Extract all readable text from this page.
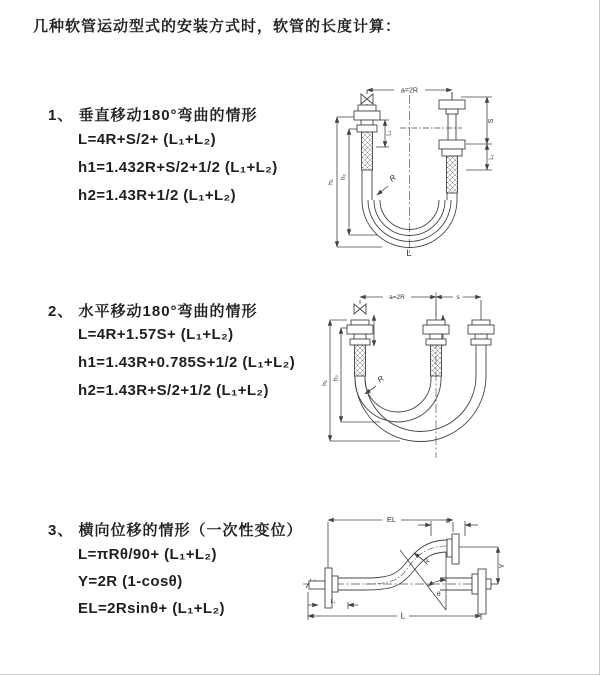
几种软管运动型式的安装方式时，软管的长度计算：
1、 垂直移动180°弯曲的情形
L=4R+S/2+ (L₁+L₂)
h1=1.432R+S/2+1/2 (L₁+L₂)
h2=1.43R+1/2 (L₁+L₂)
2、 水平移动180°弯曲的情形
L=4R+1.57S+ (L₁+L₂)
h1=1.43R+0.785S+1/2 (L₁+L₂)
h2=1.43R+S/2+1/2 (L₁+L₂)
3、 横向位移的情形（一次性变位）
L=πRθ/90+ (L₁+L₂)
Y=2R (1-cosθ)
EL=2Rsinθ+ (L₁+L₂)
a=2R
h₁
h₂
L₁
S
L₁
R
L
a=2R	s
h₁
h₂	R
EL	L₁
Y
L
L₁
R
θ
